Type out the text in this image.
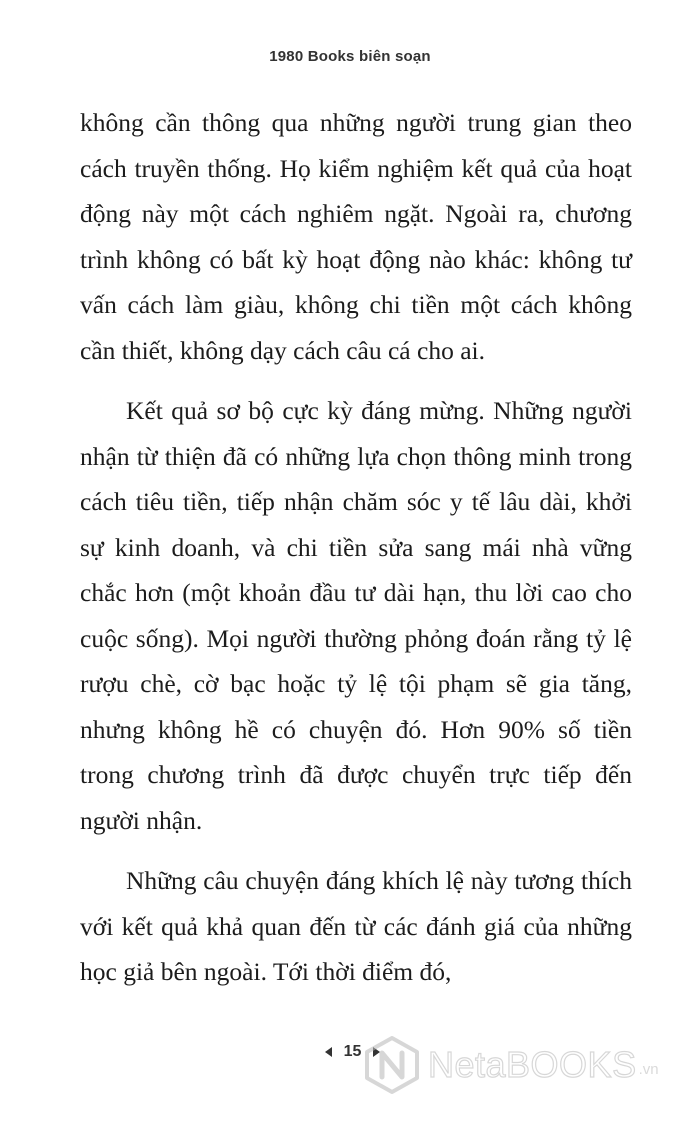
1980 Books biên soạn

không cần thông qua những người trung gian theo cách truyền thống. Họ kiểm nghiệm kết quả của hoạt động này một cách nghiêm ngặt. Ngoài ra, chương trình không có bất kỳ hoạt động nào khác: không tư vấn cách làm giàu, không chi tiền một cách không cần thiết, không dạy cách câu cá cho ai.

Kết quả sơ bộ cực kỳ đáng mừng. Những người nhận từ thiện đã có những lựa chọn thông minh trong cách tiêu tiền, tiếp nhận chăm sóc y tế lâu dài, khởi sự kinh doanh, và chi tiền sửa sang mái nhà vững chắc hơn (một khoản đầu tư dài hạn, thu lời cao cho cuộc sống). Mọi người thường phỏng đoán rằng tỷ lệ rượu chè, cờ bạc hoặc tỷ lệ tội phạm sẽ gia tăng, nhưng không hề có chuyện đó. Hơn 90% số tiền trong chương trình đã được chuyển trực tiếp đến người nhận.

Những câu chuyện đáng khích lệ này tương thích với kết quả khả quan đến từ các đánh giá của những học giả bên ngoài. Tới thời điểm đó,

15 NetaBOOKS .vn
